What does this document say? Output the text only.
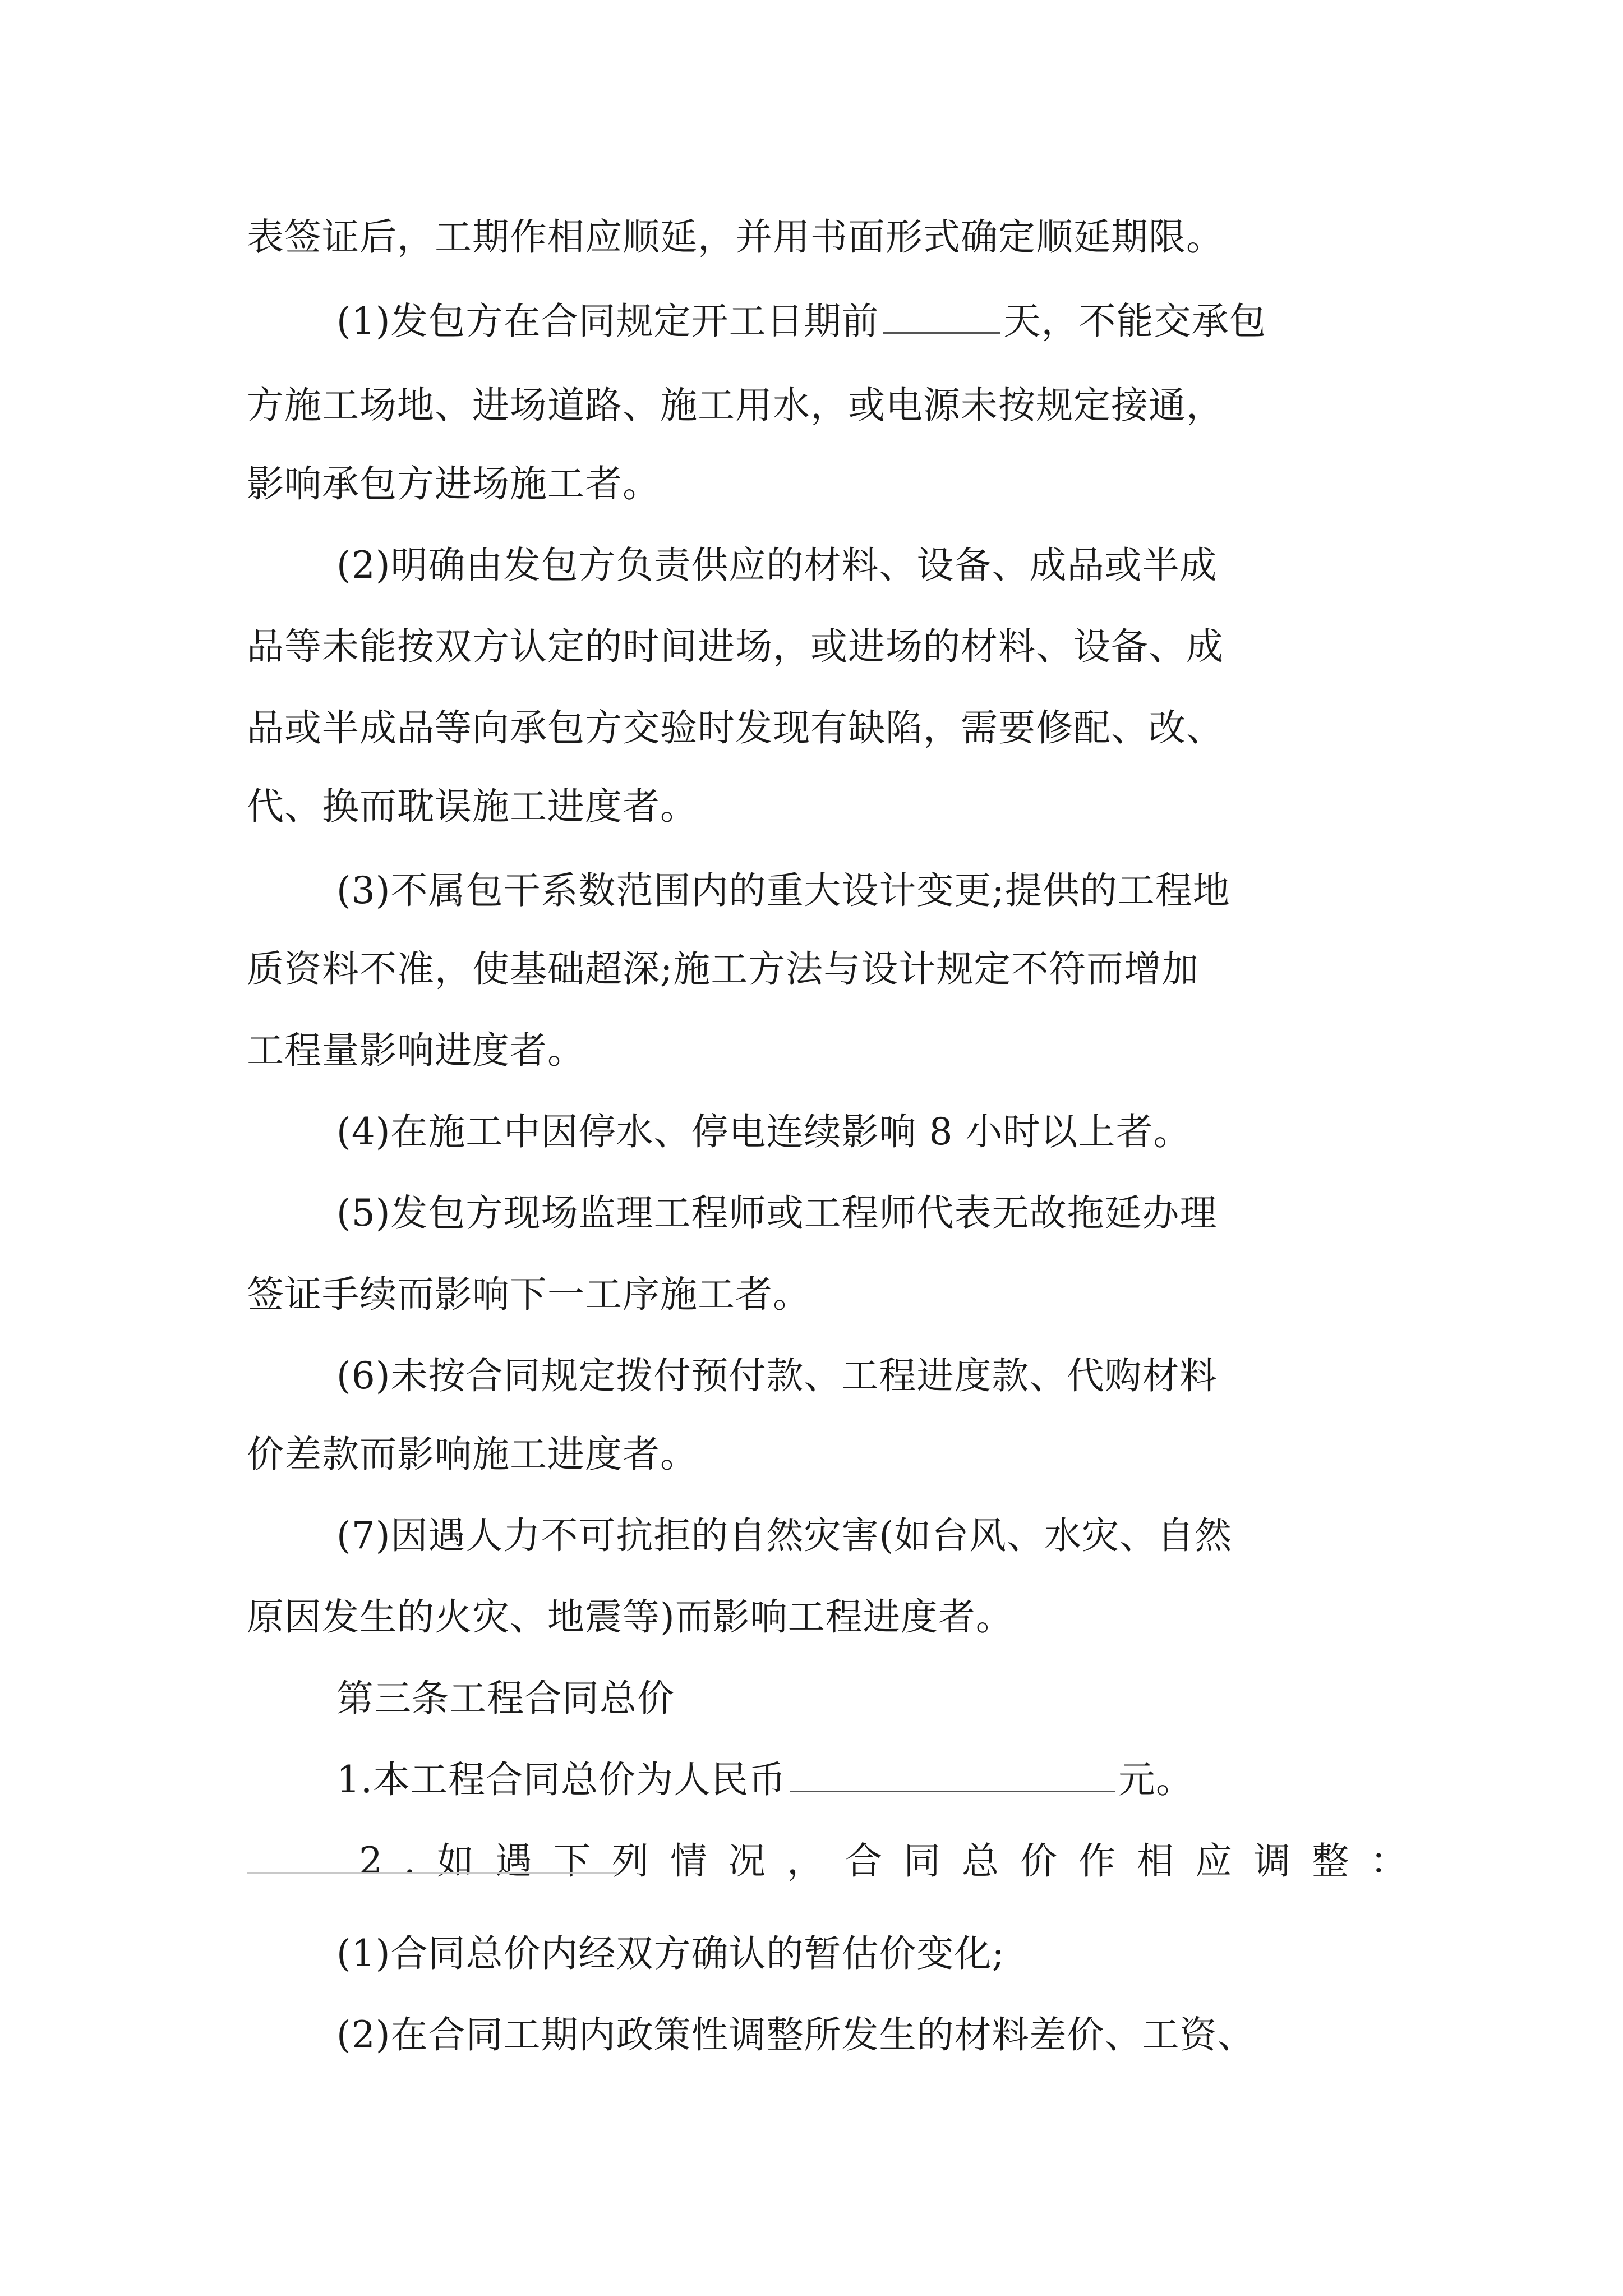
表签证后，工期作相应顺延，并用书面形式确定顺延期限。
(1)发包方在合同规定开工日期前	天，不能交承包
方施工场地、进场道路、施工用水，或电源未按规定接通，
影响承包方进场施工者。
(2)明确由发包方负责供应的材料、设备、成品或半成
品等未能按双方认定的时间进场，或进场的材料、设备、成
品或半成品等向承包方交验时发现有缺陷，需要修配、改、
代、换而耽误施工进度者。
(3)不属包干系数范围内的重大设计变更;提供的工程地
质资料不准，使基础超深;施工方法与设计规定不符而增加
工程量影响进度者。
(4)在施工中因停水、停电连续影响 8 小时以上者。
(5)发包方现场监理工程师或工程师代表无故拖延办理
签证手续而影响下一工序施工者。
(6)未按合同规定拨付预付款、工程进度款、代购材料
价差款而影响施工进度者。
(7)因遇人力不可抗拒的自然灾害(如台风、水灾、自然
原因发生的火灾、地震等)而影响工程进度者。
第三条工程合同总价
1.本工程合同总价为人民币	元。
2.如遇下列情况，合同总价作相应调整：
(1)合同总价内经双方确认的暂估价变化;
(2)在合同工期内政策性调整所发生的材料差价、工资、
